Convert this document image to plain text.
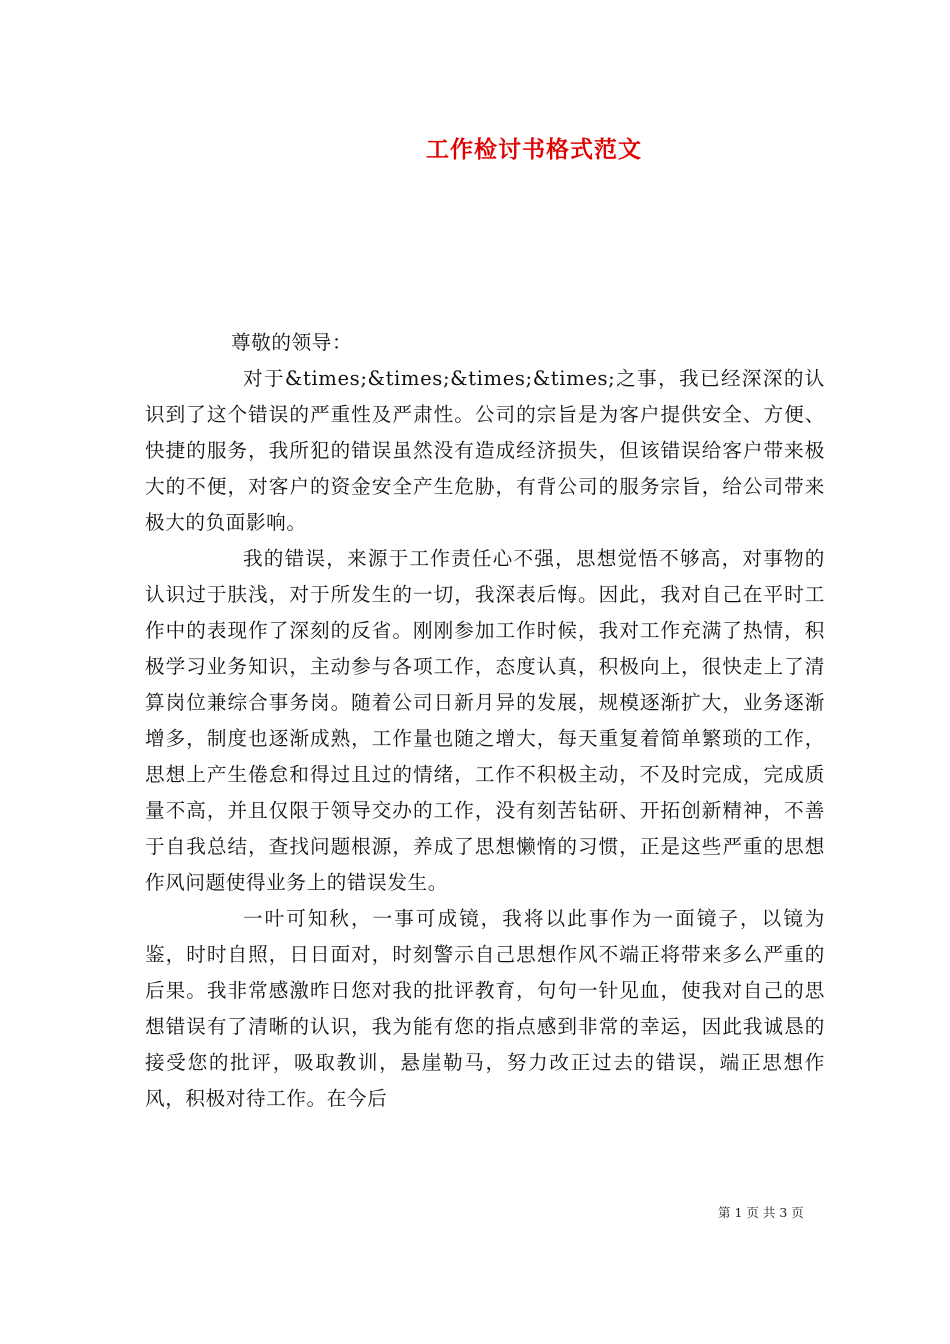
工作检讨书格式范文
尊敬的领导：

对于&times;&times;&times;&times;之事，我已经深深的认识到了这个错误的严重性及严肃性。公司的宗旨是为客户提供安全、方便、快捷的服务，我所犯的错误虽然没有造成经济损失，但该错误给客户带来极大的不便，对客户的资金安全产生危胁，有背公司的服务宗旨，给公司带来极大的负面影响。

我的错误，来源于工作责任心不强，思想觉悟不够高，对事物的认识过于肤浅，对于所发生的一切，我深表后悔。因此，我对自己在平时工作中的表现作了深刻的反省。刚刚参加工作时候，我对工作充满了热情，积极学习业务知识，主动参与各项工作，态度认真，积极向上，很快走上了清算岗位兼综合事务岗。随着公司日新月异的发展，规模逐渐扩大，业务逐渐增多，制度也逐渐成熟，工作量也随之增大，每天重复着简单繁琐的工作，思想上产生倦怠和得过且过的情绪，工作不积极主动，不及时完成，完成质量不高，并且仅限于领导交办的工作，没有刻苦钻研、开拓创新精神，不善于自我总结，查找问题根源，养成了思想懒惰的习惯，正是这些严重的思想作风问题使得业务上的错误发生。

一叶可知秋，一事可成镜，我将以此事作为一面镜子，以镜为鉴，时时自照，日日面对，时刻警示自己思想作风不端正将带来多么严重的后果。我非常感激昨日您对我的批评教育，句句一针见血，使我对自己的思想错误有了清晰的认识，我为能有您的指点感到非常的幸运，因此我诚恳的接受您的批评，吸取教训，悬崖勒马，努力改正过去的错误，端正思想作风，积极对待工作。在今后

第 1 页 共 3 页
